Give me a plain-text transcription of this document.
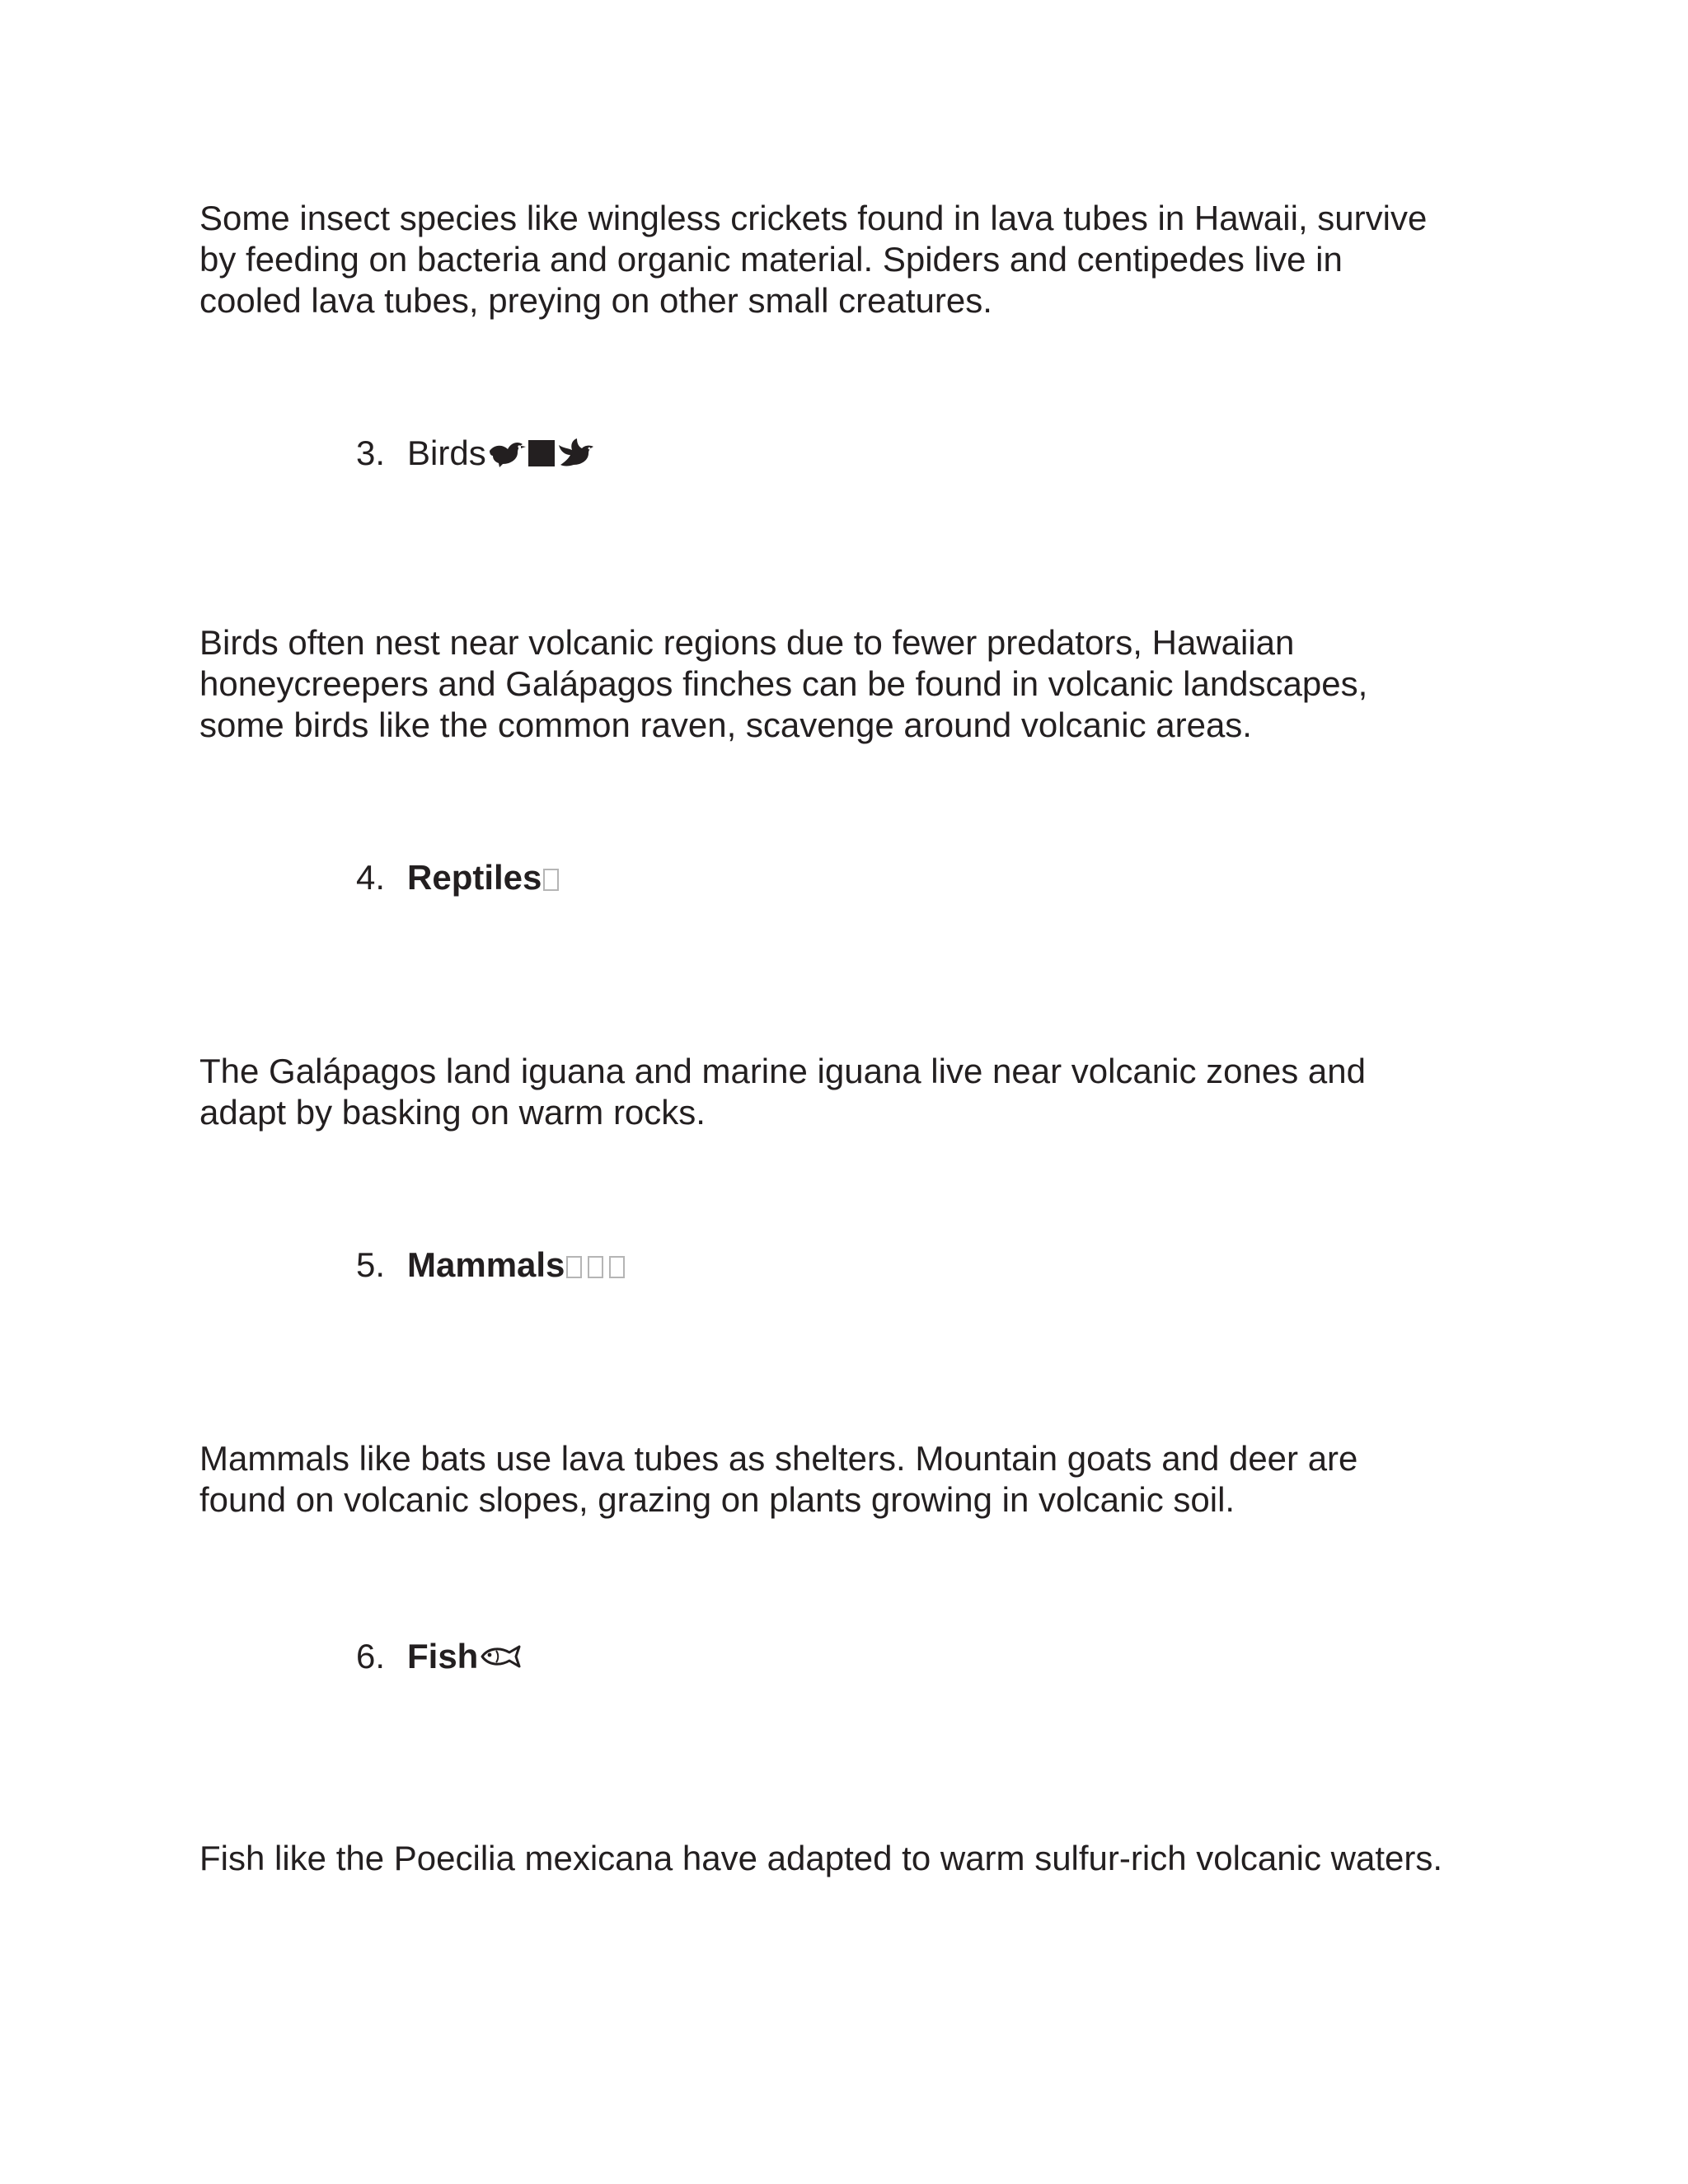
Some insect species like wingless crickets found in lava tubes in Hawaii, survive
by feeding on bacteria and organic material. Spiders and centipedes live in
cooled lava tubes, preying on other small creatures.

3. Birds

Birds often nest near volcanic regions due to fewer predators, Hawaiian
honeycreepers and Galápagos finches can be found in volcanic landscapes,
some birds like the common raven, scavenge around volcanic areas.

4. Reptiles

The Galápagos land iguana and marine iguana live near volcanic zones and
adapt by basking on warm rocks.

5. Mammals

Mammals like bats use lava tubes as shelters. Mountain goats and deer are
found on volcanic slopes, grazing on plants growing in volcanic soil.

6. Fish

Fish like the Poecilia mexicana have adapted to warm sulfur-rich volcanic waters.
